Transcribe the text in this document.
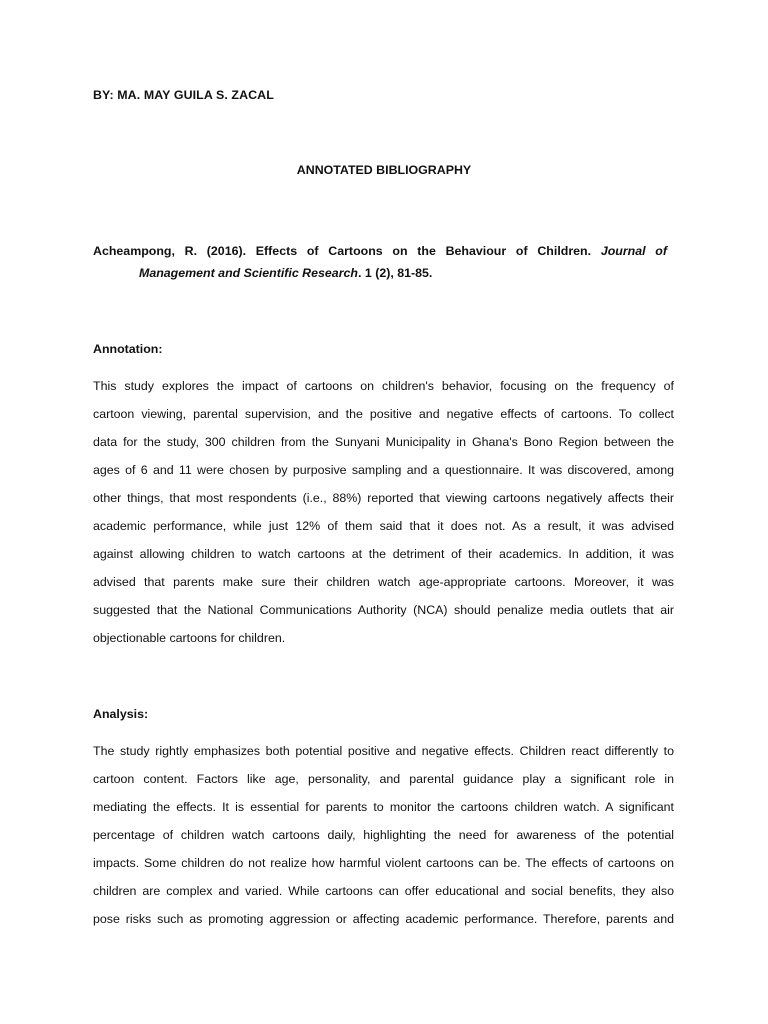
BY: MA. MAY GUILA S. ZACAL
ANNOTATED BIBLIOGRAPHY

Acheampong, R. (2016). Effects of Cartoons on the Behaviour of Children. Journal of

Management and Scientific Research. 1 (2), 81-85.

Annotation:

This study explores the impact of cartoons on children's behavior, focusing on the frequency of
cartoon viewing, parental supervision, and the positive and negative effects of cartoons. To collect
data for the study, 300 children from the Sunyani Municipality in Ghana's Bono Region between the
ages of 6 and 11 were chosen by purposive sampling and a questionnaire. It was discovered, among
other things, that most respondents (i.e., 88%) reported that viewing cartoons negatively affects their
academic performance, while just 12% of them said that it does not. As a result, it was advised
against allowing children to watch cartoons at the detriment of their academics. In addition, it was
advised that parents make sure their children watch age-appropriate cartoons. Moreover, it was
suggested that the National Communications Authority (NCA) should penalize media outlets that air
objectionable cartoons for children.

Analysis:

The study rightly emphasizes both potential positive and negative effects. Children react differently to
cartoon content. Factors like age, personality, and parental guidance play a significant role in
mediating the effects. It is essential for parents to monitor the cartoons children watch. A significant
percentage of children watch cartoons daily, highlighting the need for awareness of the potential
impacts. Some children do not realize how harmful violent cartoons can be. The effects of cartoons on
children are complex and varied. While cartoons can offer educational and social benefits, they also
pose risks such as promoting aggression or affecting academic performance. Therefore, parents and
